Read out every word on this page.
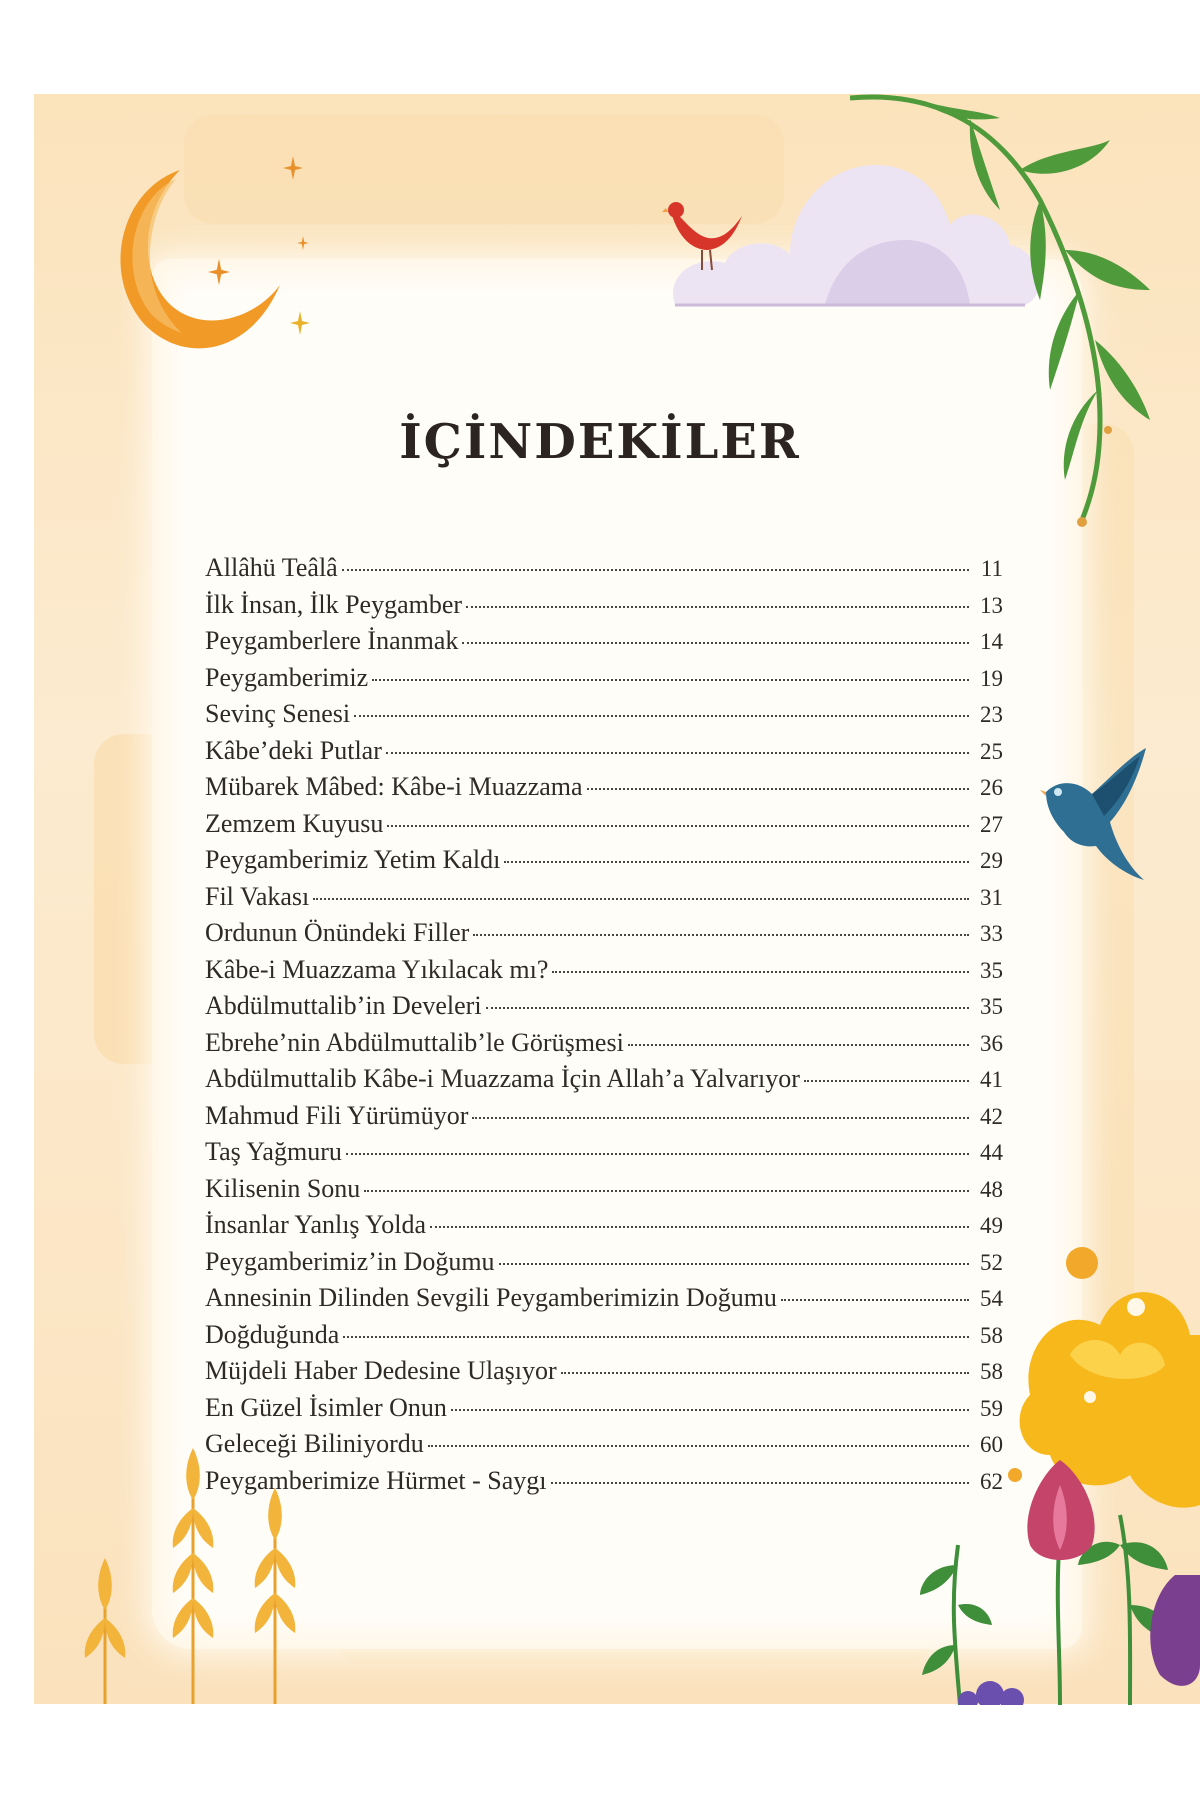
İÇİNDEKİLER
Allâhü Teâlâ	11
İlk İnsan, İlk Peygamber	13
Peygamberlere İnanmak	14
Peygamberimiz	19
Sevinç Senesi	23
Kâbe’deki Putlar	25
Mübarek Mâbed: Kâbe-i Muazzama	26
Zemzem Kuyusu	27
Peygamberimiz Yetim Kaldı	29
Fil Vakası	31
Ordunun Önündeki Filler	33
Kâbe-i Muazzama Yıkılacak mı?	35
Abdülmuttalib’in Develeri	35
Ebrehe’nin Abdülmuttalib’le Görüşmesi	36
Abdülmuttalib Kâbe-i Muazzama İçin Allah’a Yalvarıyor	41
Mahmud Fili Yürümüyor	42
Taş Yağmuru	44
Kilisenin Sonu	48
İnsanlar Yanlış Yolda	49
Peygamberimiz’in Doğumu	52
Annesinin Dilinden Sevgili Peygamberimizin Doğumu	54
Doğduğunda	58
Müjdeli Haber Dedesine Ulaşıyor	58
En Güzel İsimler Onun	59
Geleceği Biliniyordu	60
Peygamberimize Hürmet - Saygı	62
